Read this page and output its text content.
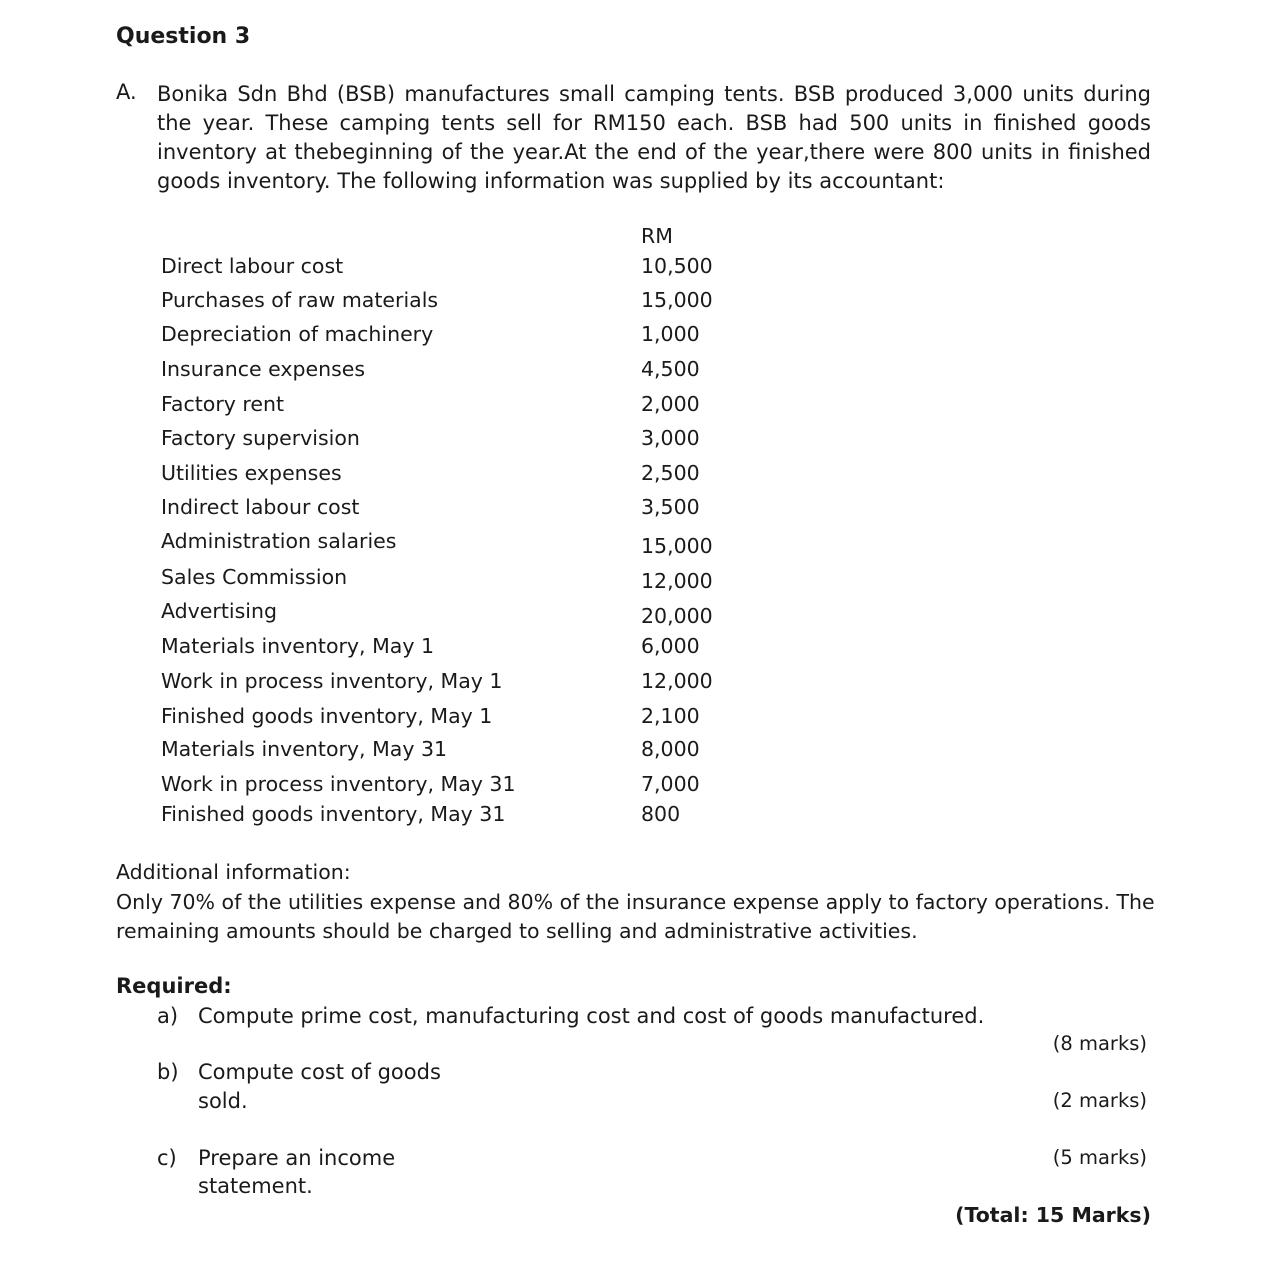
Question 3
A. Bonika Sdn Bhd (BSB) manufactures small camping tents. BSB produced 3,000 units during the year. These camping tents sell for RM150 each. BSB had 500 units in finished goods inventory at thebeginning of the year.At the end of the year,there were 800 units in finished goods inventory. The following information was supplied by its accountant:

RM
Direct labour cost	10,500
Purchases of raw materials	15,000
Depreciation of machinery	1,000
Insurance expenses	4,500
Factory rent	2,000
Factory supervision	3,000
Utilities expenses	2,500
Indirect labour cost	3,500
Administration salaries	15,000
Sales Commission	12,000
Advertising	20,000
Materials inventory, May 1	6,000
Work in process inventory, May 1	12,000
Finished goods inventory, May 1	2,100
Materials inventory, May 31	8,000
Work in process inventory, May 31	7,000
Finished goods inventory, May 31	800
Additional information:
Only 70% of the utilities expense and 80% of the insurance expense apply to factory operations. The remaining amounts should be charged to selling and administrative activities.
Required:
a) Compute prime cost, manufacturing cost and cost of goods manufactured.
(8 marks)
b) Compute cost of goods
sold.	(2 marks)
c) Prepare an income
statement.
(5 marks)
(Total: 15 Marks)
